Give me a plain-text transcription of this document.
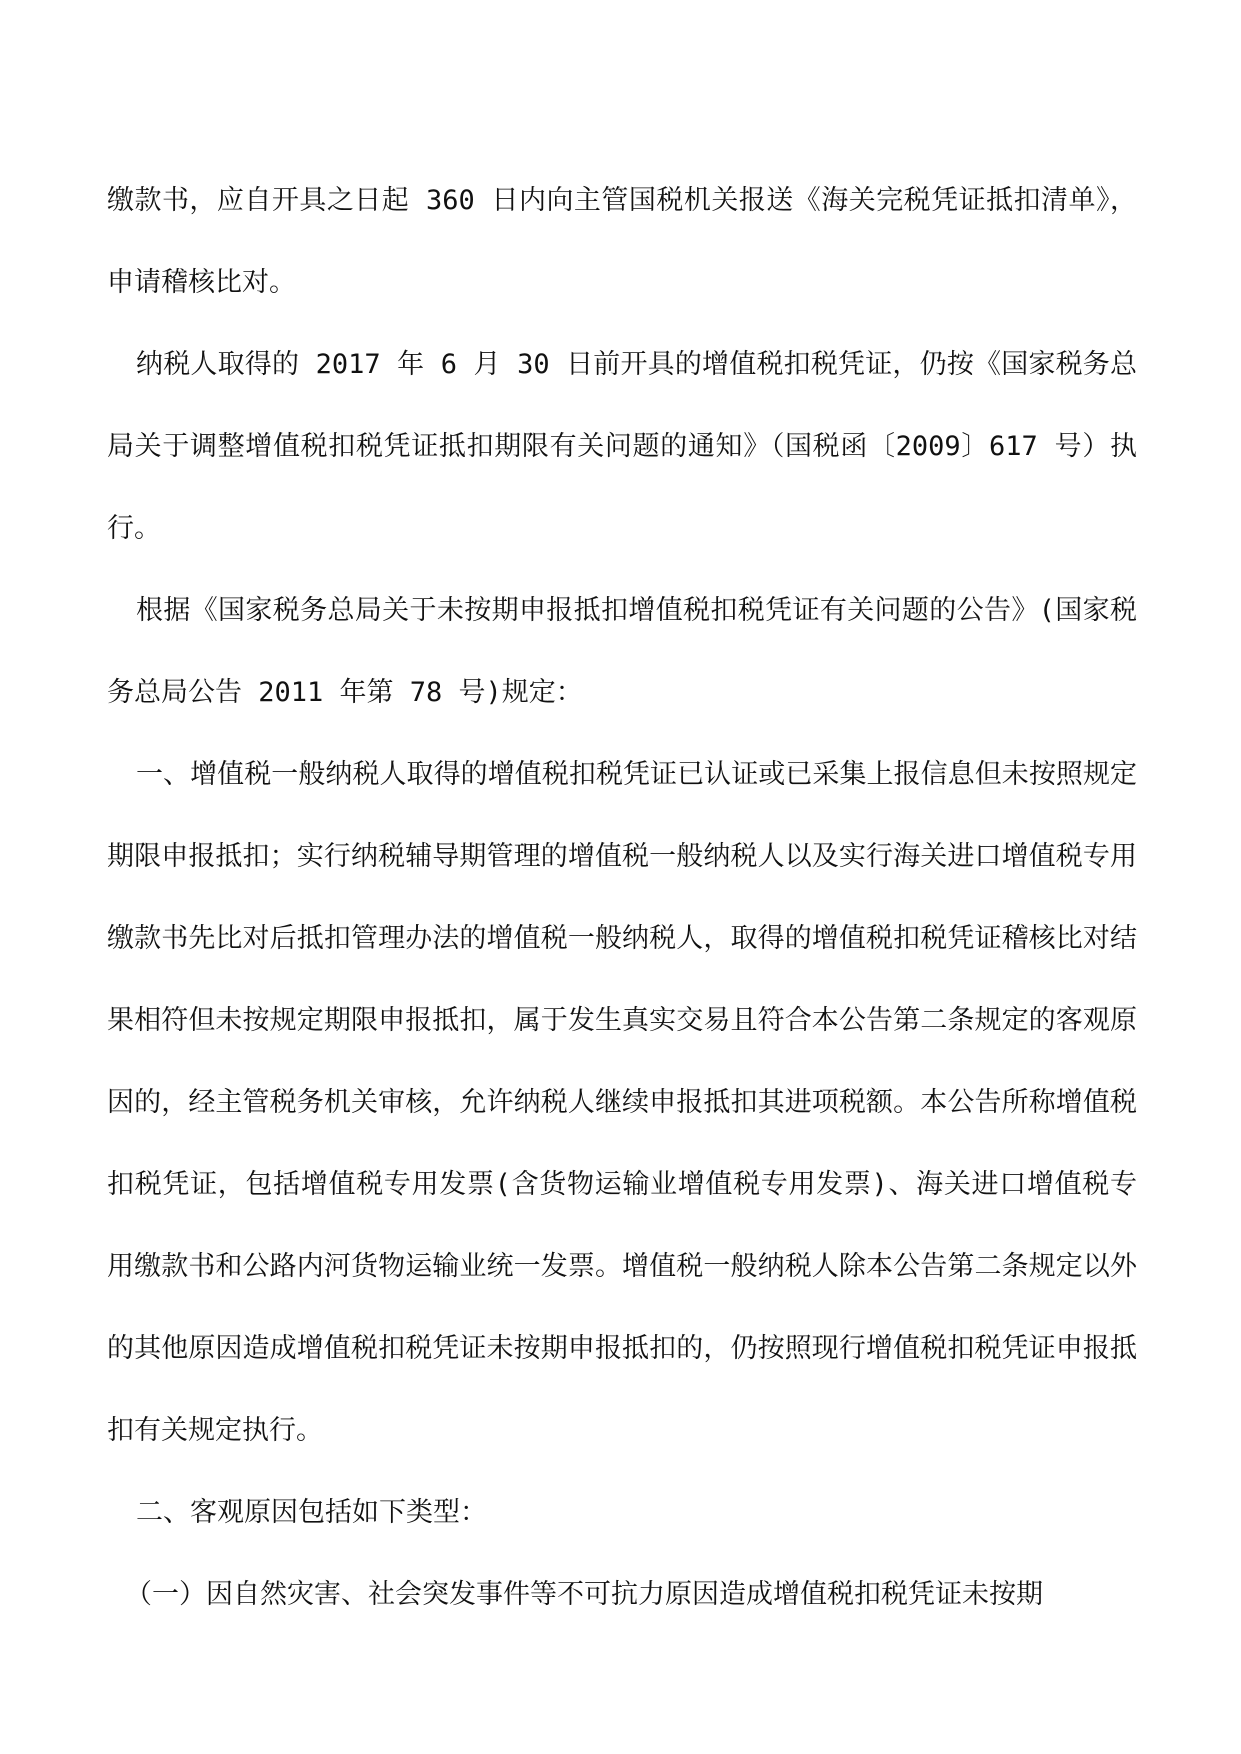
缴款书，应自开具之日起 360 日内向主管国税机关报送《海关完税凭证抵扣清单》，申请稽核比对。

纳税人取得的 2017 年 6 月 30 日前开具的增值税扣税凭证，仍按《国家税务总局关于调整增值税扣税凭证抵扣期限有关问题的通知》（国税函〔2009〕617 号）执行。

根据《国家税务总局关于未按期申报抵扣增值税扣税凭证有关问题的公告》(国家税务总局公告 2011 年第 78 号)规定：

一、增值税一般纳税人取得的增值税扣税凭证已认证或已采集上报信息但未按照规定期限申报抵扣；实行纳税辅导期管理的增值税一般纳税人以及实行海关进口增值税专用缴款书先比对后抵扣管理办法的增值税一般纳税人，取得的增值税扣税凭证稽核比对结果相符但未按规定期限申报抵扣，属于发生真实交易且符合本公告第二条规定的客观原因的，经主管税务机关审核，允许纳税人继续申报抵扣其进项税额。本公告所称增值税扣税凭证，包括增值税专用发票(含货物运输业增值税专用发票)、海关进口增值税专用缴款书和公路内河货物运输业统一发票。增值税一般纳税人除本公告第二条规定以外的其他原因造成增值税扣税凭证未按期申报抵扣的，仍按照现行增值税扣税凭证申报抵扣有关规定执行。

二、客观原因包括如下类型：

（一）因自然灾害、社会突发事件等不可抗力原因造成增值税扣税凭证未按期
